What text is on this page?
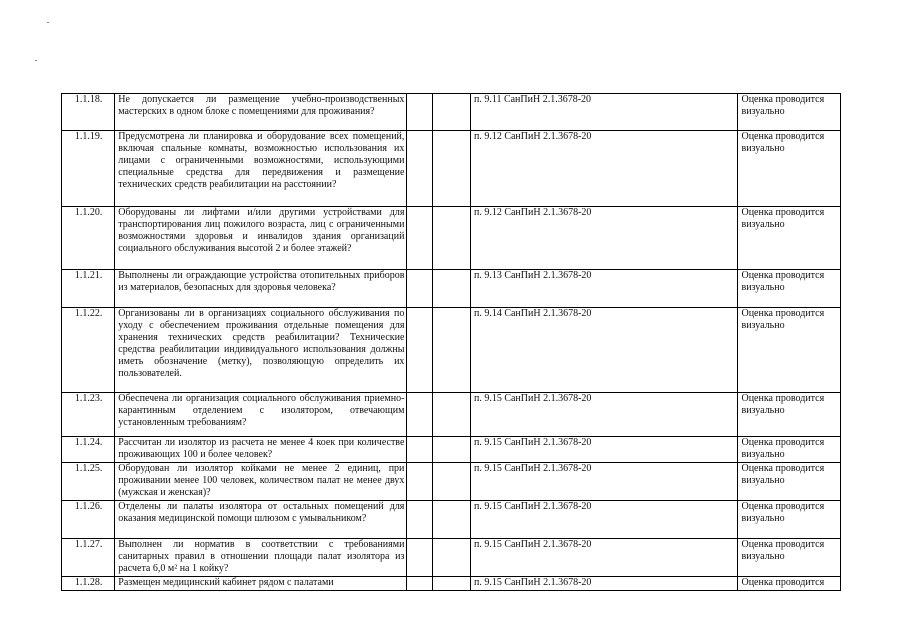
1.1.18.	Не допускается ли размещение учебно-производственных мастерских в одном блоке с помещениями для проживания?			п. 9.11 СанПиН 2.1.3678-20	Оценка проводится визуально

1.1.19.	Предусмотрена ли планировка и оборудование всех помещений, включая спальные комнаты, возможностью использования их лицами с ограниченными возможностями, использующими специальные средства для передвижения и размещение технических средств реабилитации на расстоянии?			п. 9.12 СанПиН 2.1.3678-20	Оценка проводится визуально

1.1.20.	Оборудованы ли лифтами и/или другими устройствами для транспортирования лиц пожилого возраста, лиц с ограниченными возможностями здоровья и инвалидов здания организаций социального обслуживания высотой 2 и более этажей?			п. 9.12 СанПиН 2.1.3678-20	Оценка проводится визуально

1.1.21.	Выполнены ли ограждающие устройства отопительных приборов из материалов, безопасных для здоровья человека?			п. 9.13 СанПиН 2.1.3678-20	Оценка проводится визуально

1.1.22.	Организованы ли в организациях социального обслуживания по уходу с обеспечением проживания отдельные помещения для хранения технических средств реабилитации? Технические средства реабилитации индивидуального использования должны иметь обозначение (метку), позволяющую определить их пользователей.			п. 9.14 СанПиН 2.1.3678-20	Оценка проводится визуально

1.1.23.	Обеспечена ли организация социального обслуживания приемно-карантинным отделением с изолятором, отвечающим установленным требованиям?			п. 9.15 СанПиН 2.1.3678-20	Оценка проводится визуально

1.1.24.	Рассчитан ли изолятор из расчета не менее 4 коек при количестве проживающих 100 и более человек?			п. 9.15 СанПиН 2.1.3678-20	Оценка проводится визуально

1.1.25.	Оборудован ли изолятор койками не менее 2 единиц, при проживании менее 100 человек, количеством палат не менее двух (мужская и женская)?			п. 9.15 СанПиН 2.1.3678-20	Оценка проводится визуально

1.1.26.	Отделены ли палаты изолятора от остальных помещений для оказания медицинской помощи шлюзом с умывальником?			п. 9.15 СанПиН 2.1.3678-20	Оценка проводится визуально

1.1.27.	Выполнен ли норматив в соответствии с требованиями санитарных правил в отношении площади палат изолятора из расчета 6,0 м² на 1 койку?			п. 9.15 СанПиН 2.1.3678-20	Оценка проводится визуально

1.1.28.	Размещен медицинский кабинет рядом с палатами			п. 9.15 СанПиН 2.1.3678-20	Оценка проводится
